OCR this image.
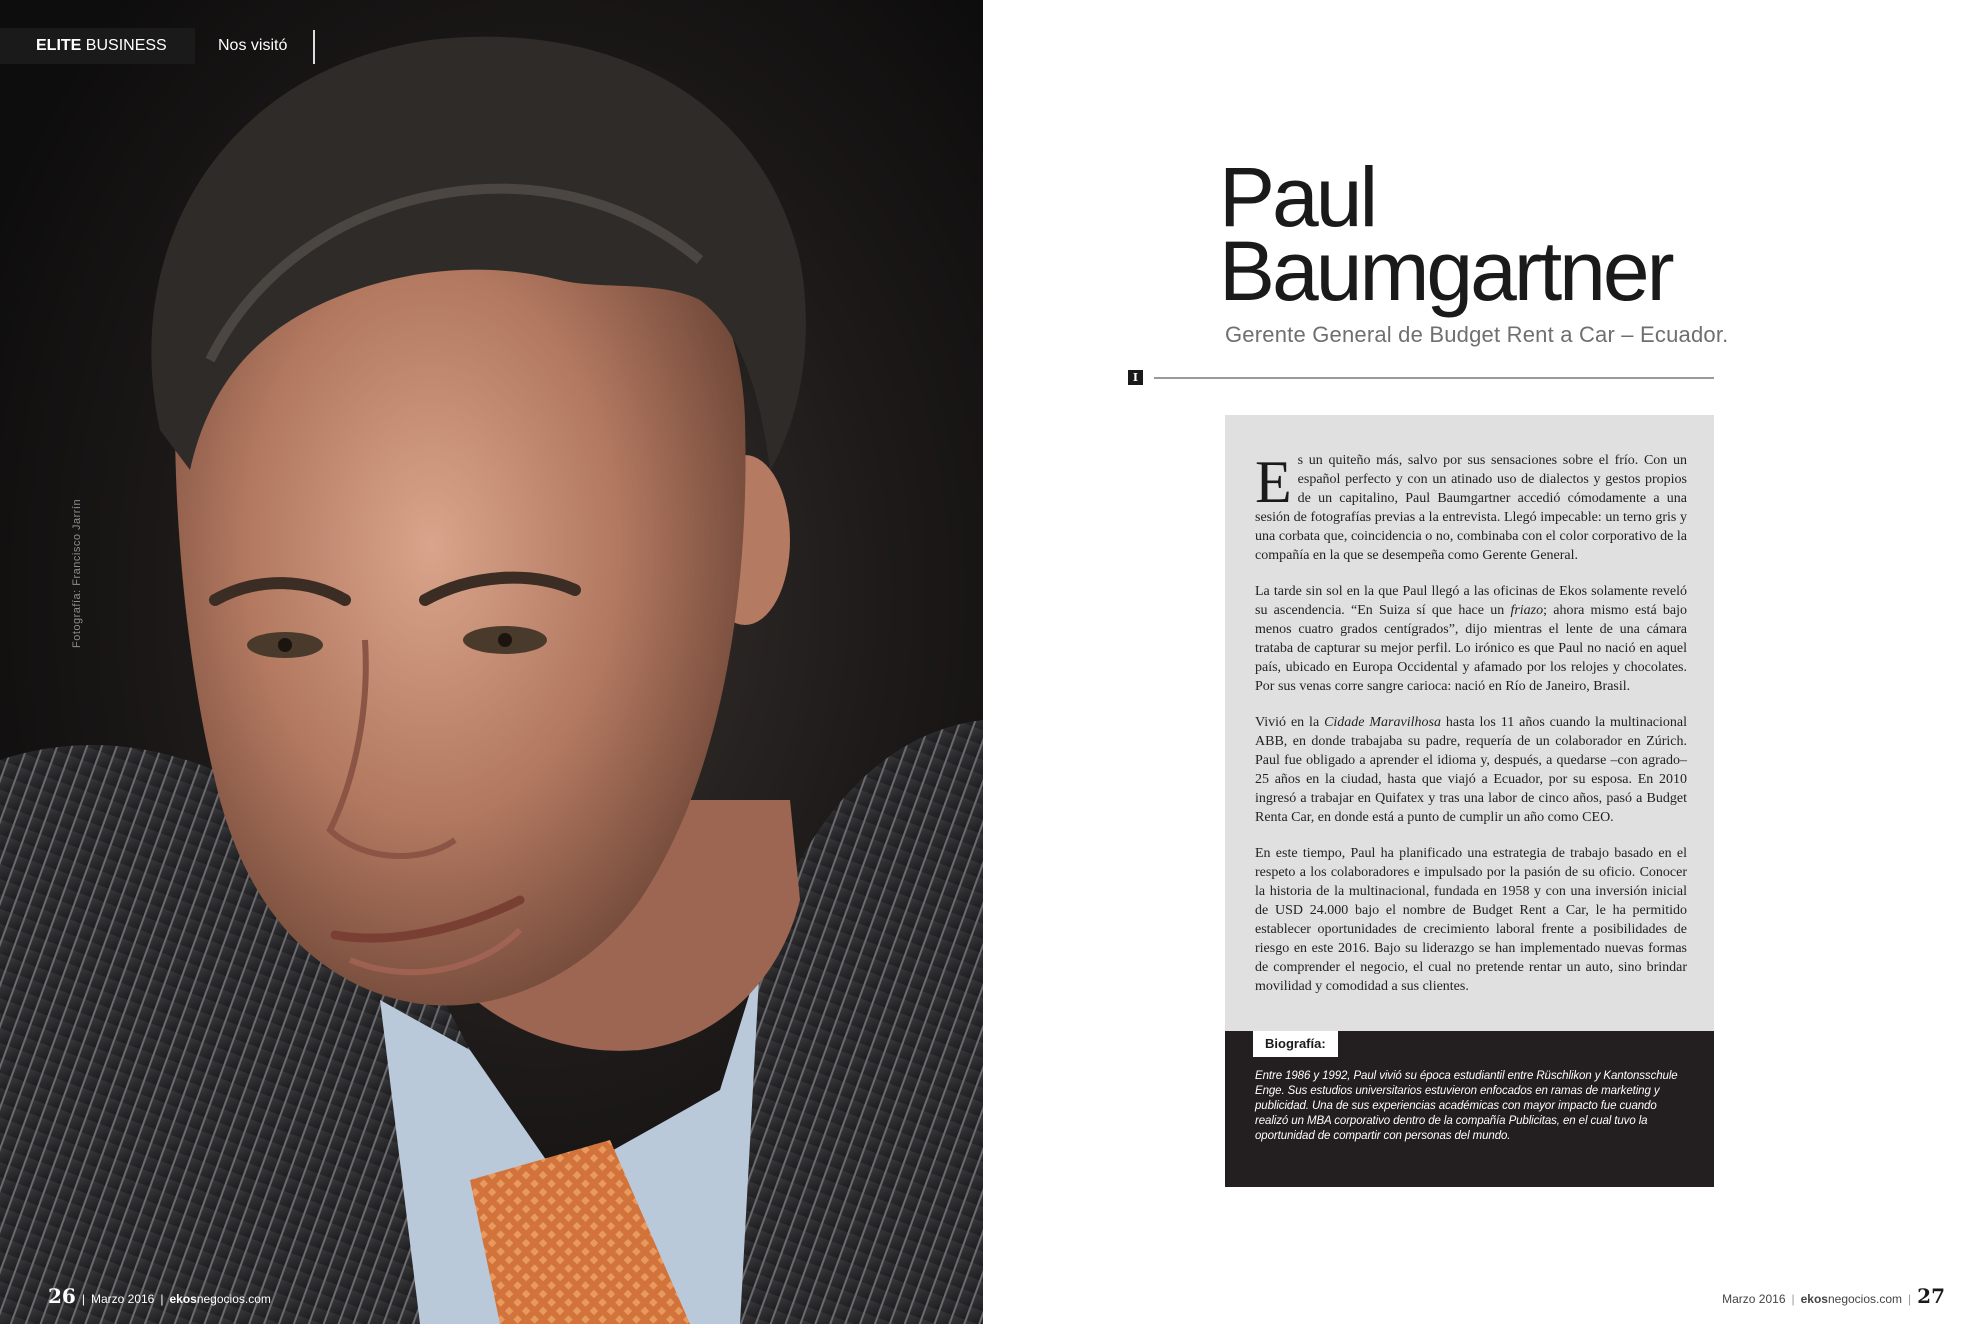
ELITE BUSINESS	Nos visitó
Fotografía: Francisco Jarrín
26 | Marzo 2016 | ekosnegocios.com
Paul
Baumgartner
Gerente General de Budget Rent a Car – Ecuador.
I

Es un quiteño más, salvo por sus sensaciones sobre el frío. Con un español perfecto y con un atinado uso de dialectos y gestos propios de un capitalino, Paul Baumgartner accedió cómodamente a una sesión de fotografías previas a la entrevista. Llegó impecable: un terno gris y una corbata que, coincidencia o no, combinaba con el color corporativo de la compañía en la que se desempeña como Gerente General.

La tarde sin sol en la que Paul llegó a las oficinas de Ekos solamente reveló su ascendencia. “En Suiza sí que hace un friazo; ahora mismo está bajo menos cuatro grados centígrados”, dijo mientras el lente de una cámara trataba de capturar su mejor perfil. Lo irónico es que Paul no nació en aquel país, ubicado en Europa Occidental y afamado por los relojes y chocolates. Por sus venas corre sangre carioca: nació en Río de Janeiro, Brasil.

Vivió en la Cidade Maravilhosa hasta los 11 años cuando la multinacional ABB, en donde trabajaba su padre, requería de un colaborador en Zúrich. Paul fue obligado a aprender el idioma y, después, a quedarse –con agrado– 25 años en la ciudad, hasta que viajó a Ecuador, por su esposa. En 2010 ingresó a trabajar en Quifatex y tras una labor de cinco años, pasó a Budget Renta Car, en donde está a punto de cumplir un año como CEO.

En este tiempo, Paul ha planificado una estrategia de trabajo basado en el respeto a los colaboradores e impulsado por la pasión de su oficio. Conocer la historia de la multinacional, fundada en 1958 y con una inversión inicial de USD 24.000 bajo el nombre de Budget Rent a Car, le ha permitido establecer oportunidades de crecimiento laboral frente a posibilidades de riesgo en este 2016. Bajo su liderazgo se han implementado nuevas formas de comprender el negocio, el cual no pretende rentar un auto, sino brindar movilidad y comodidad a sus clientes.

Biografía:

Entre 1986 y 1992, Paul vivió su época estudiantil entre Rüschlikon y Kantonsschule Enge. Sus estudios universitarios estuvieron enfocados en ramas de marketing y publicidad. Una de sus experiencias académicas con mayor impacto fue cuando realizó un MBA corporativo dentro de la compañía Publicitas, en el cual tuvo la oportunidad de compartir con personas del mundo.

Marzo 2016 | ekosnegocios.com | 27
